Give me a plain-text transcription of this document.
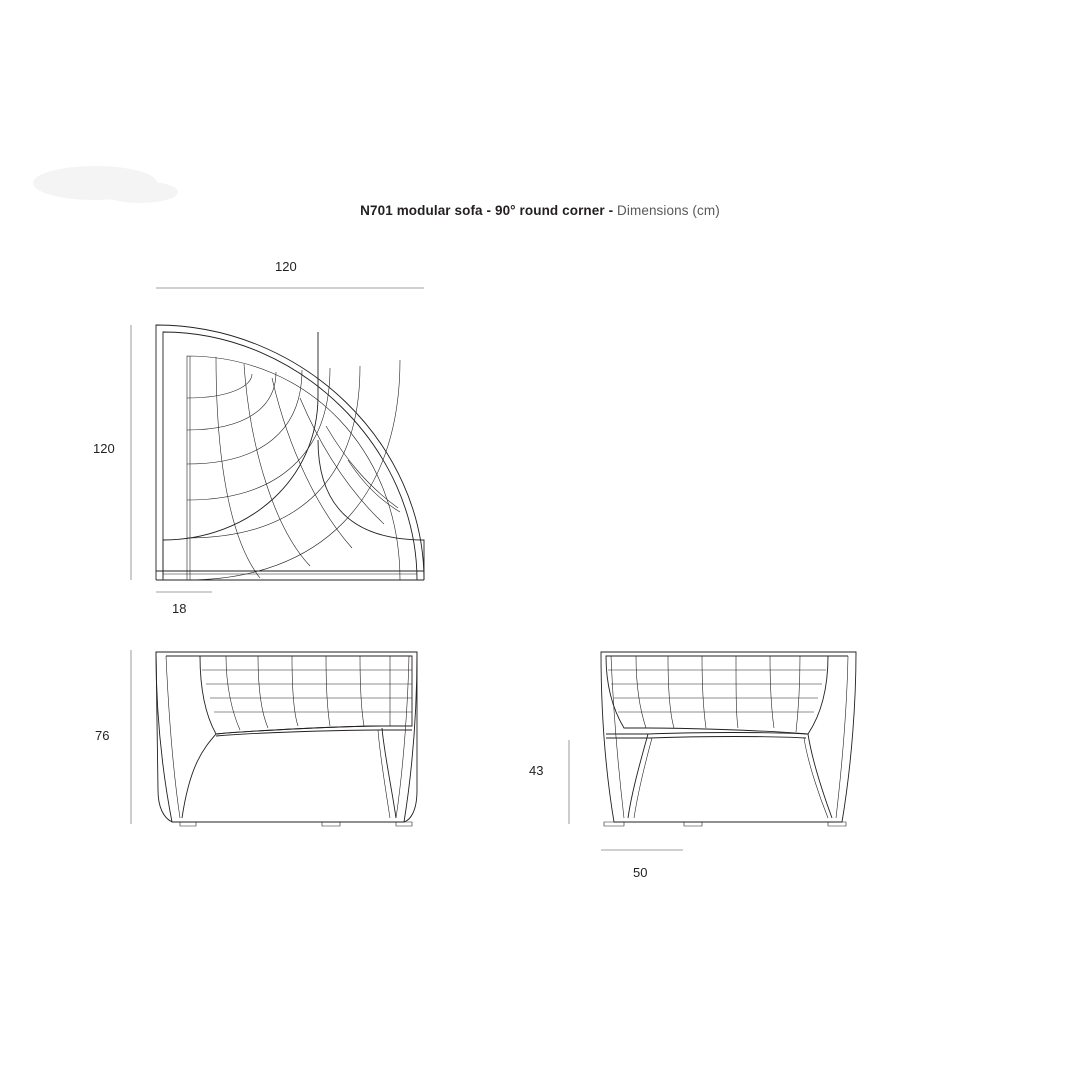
N701 modular sofa - 90° round corner - Dimensions (cm)
120
120
18
76
43
50
